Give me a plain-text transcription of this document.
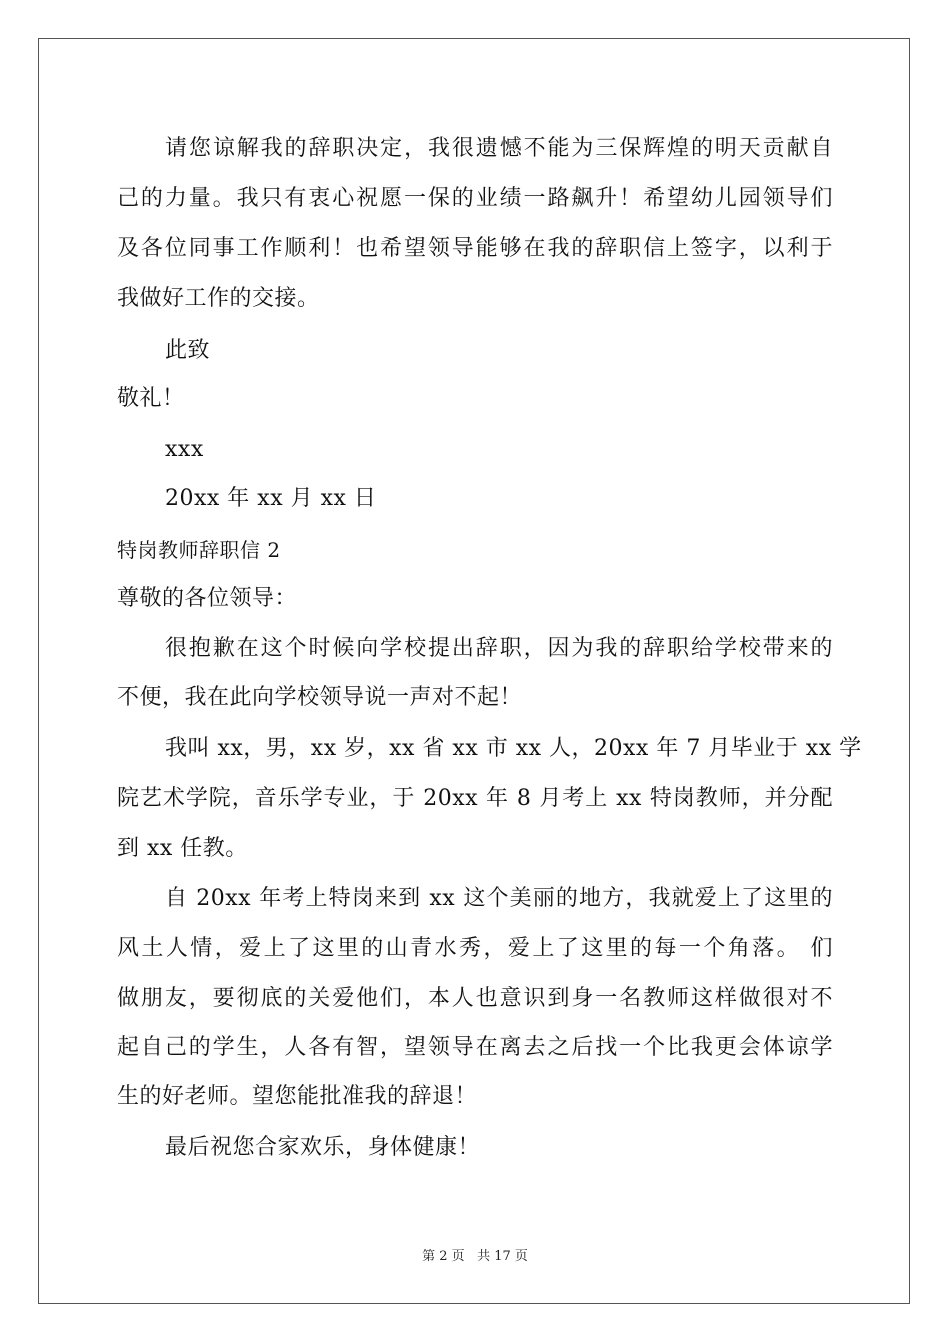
请您谅解我的辞职决定，我很遗憾不能为三保辉煌的明天贡献自
己的力量。我只有衷心祝愿一保的业绩一路飙升！希望幼儿园领导们
及各位同事工作顺利！也希望领导能够在我的辞职信上签字，以利于
我做好工作的交接。
此致
敬礼！
xxx
20xx 年 xx 月 xx 日
特岗教师辞职信 2
尊敬的各位领导：
很抱歉在这个时候向学校提出辞职，因为我的辞职给学校带来的
不便，我在此向学校领导说一声对不起！
我叫 xx，男，xx 岁，xx 省 xx 市 xx 人，20xx 年 7 月毕业于 xx 学
院艺术学院，音乐学专业，于 20xx 年 8 月考上 xx 特岗教师，并分配
到 xx 任教。
自 20xx 年考上特岗来到 xx 这个美丽的地方，我就爱上了这里的
风土人情，爱上了这里的山青水秀，爱上了这里的每一个角落。 们
做朋友，要彻底的关爱他们，本人也意识到身一名教师这样做很对不
起自己的学生，人各有智，望领导在离去之后找一个比我更会体谅学
生的好老师。望您能批准我的辞退！
最后祝您合家欢乐，身体健康！
第 2 页 共 17 页
